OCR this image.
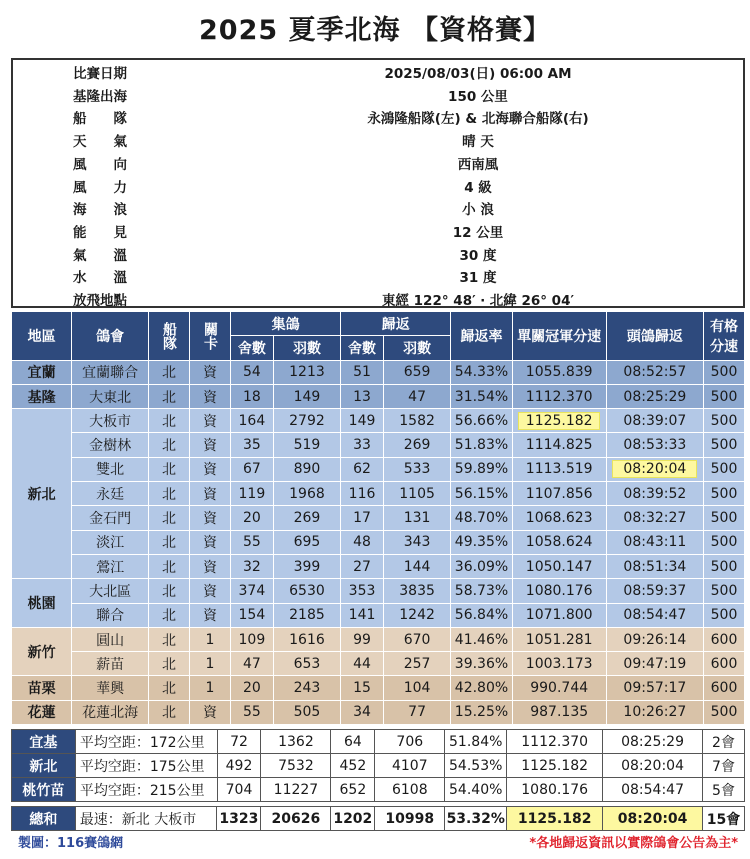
2025 夏季北海 【資格賽】
比賽日期	2025/08/03(日) 06:00 AM
基隆出海	150 公里
船　　隊	永鴻隆船隊(左) & 北海聯合船隊(右)
天　　氣	晴 天
風　　向	西南風
風　　力	4 級
海　　浪	小 浪
能　　見	12 公里
氣　　溫	30 度
水　　溫	31 度
放飛地點	東經 122° 48′ ‧ 北緯 26° 04′
地區	鴿會	船隊	關卡	集鴿		歸返		歸返率	單關冠軍分速	頭鴿歸返	有格分速
				舍數	羽數	舍數	羽數				
宜蘭	宜蘭聯合	北	資	54	1213	51	659	54.33%	1055.839	08:52:57	500
基隆	大東北	北	資	18	149	13	47	31.54%	1112.370	08:25:29	500
新北	大板市	北	資	164	2792	149	1582	56.66%	1125.182	08:39:07	500
	金樹林	北	資	35	519	33	269	51.83%	1114.825	08:53:33	500
	雙北	北	資	67	890	62	533	59.89%	1113.519	08:20:04	500
	永廷	北	資	119	1968	116	1105	56.15%	1107.856	08:39:52	500
	金石門	北	資	20	269	17	131	48.70%	1068.623	08:32:27	500
	淡江	北	資	55	695	48	343	49.35%	1058.624	08:43:11	500
	鶯江	北	資	32	399	27	144	36.09%	1050.147	08:51:34	500
桃園	大北區	北	資	374	6530	353	3835	58.73%	1080.176	08:59:37	500
	聯合	北	資	154	2185	141	1242	56.84%	1071.800	08:54:47	500
新竹	圓山	北	1	109	1616	99	670	41.46%	1051.281	09:26:14	600
	薪苗	北	1	47	653	44	257	39.36%	1003.173	09:47:19	600
苗栗	華興	北	1	20	243	15	104	42.80%	990.744	09:57:17	600
花蓮	花蓮北海	北	資	55	505	34	77	15.25%	987.135	10:26:27	500
宜基	平均空距：172公里	72	1362	64	706	51.84%	1112.370	08:25:29	2會
新北	平均空距：175公里	492	7532	452	4107	54.53%	1125.182	08:20:04	7會
桃竹苗	平均空距：215公里	704	11227	652	6108	54.40%	1080.176	08:54:47	5會
總和	最速：新北 大板市	1323	20626	1202	10998	53.32%	1125.182	08:20:04	15會
製圖：116賽鴿網	*各地歸返資訊以實際鴿會公告為主*
